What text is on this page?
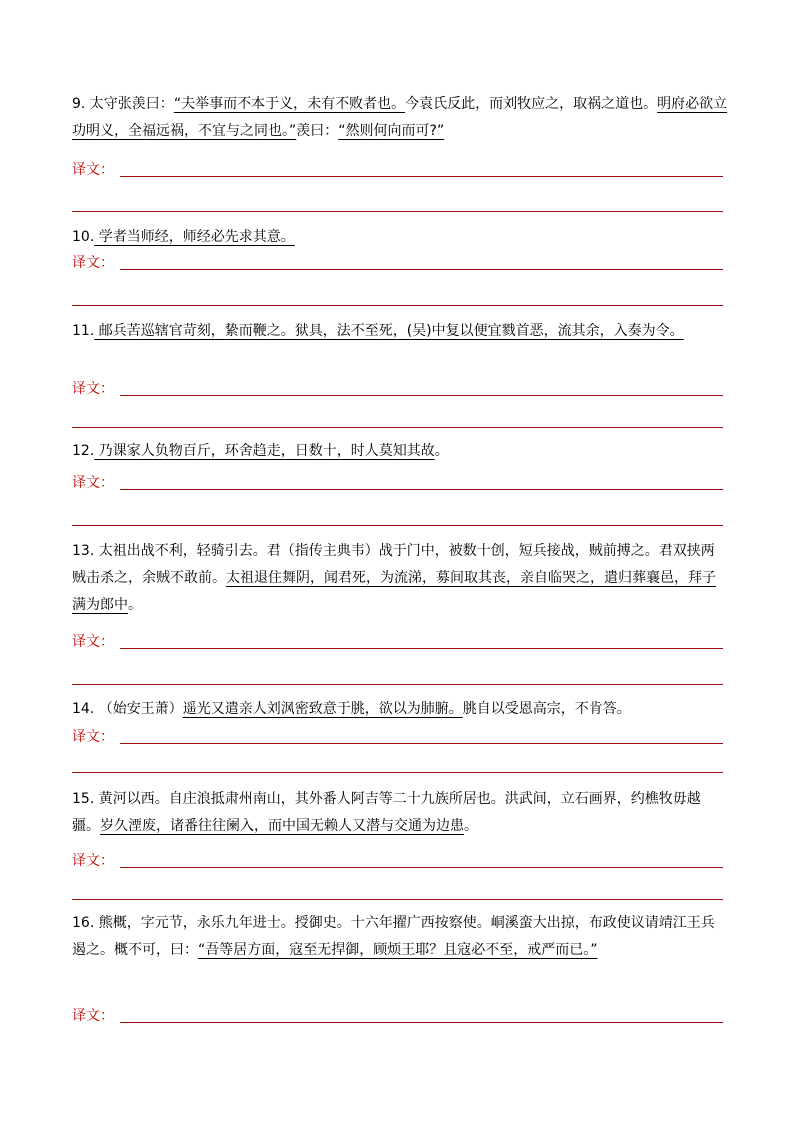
9. 太守张羡曰：“夫举事而不本于义，未有不败者也。今袁氏反此，而刘牧应之，取祸之道也。明府必欲立功明义，全福远祸，不宜与之同也。”羡曰：“然则何向而可?”
译文：
10. 学者当师经，师经必先求其意。
译文：
11. 邮兵苦巡辖官苛刻，絷而鞭之。狱具，法不至死，(吴)中复以便宜戮首恶，流其余，入奏为令。
译文：
12. 乃课家人负物百斤，环舍趋走，日数十，时人莫知其故。
译文：
13. 太祖出战不利，轻骑引去。君（指传主典韦）战于门中，被数十创，短兵接战，贼前搏之。君双挟两贼击杀之，余贼不敢前。太祖退住舞阴，闻君死，为流涕，募间取其丧，亲自临哭之，遣归葬襄邑，拜子满为郎中。
译文：
14. （始安王萧）遥光又遣亲人刘沨密致意于朓，欲以为肺腑。朓自以受恩高宗，不肯答。
译文：
15. 黄河以西。自庄浪抵肃州南山，其外番人阿吉等二十九族所居也。洪武间，立石画界，约樵牧毋越疆。岁久湮废，诸番往往阑入，而中国无赖人又潜与交通为边患。
译文：
16. 熊概，字元节，永乐九年进士。授御史。十六年擢广西按察使。峒溪蛮大出掠，布政使议请靖江王兵遏之。概不可，曰：“吾等居方面，寇至无捍御，顾烦王耶？且寇必不至，戒严而已。”
译文：
